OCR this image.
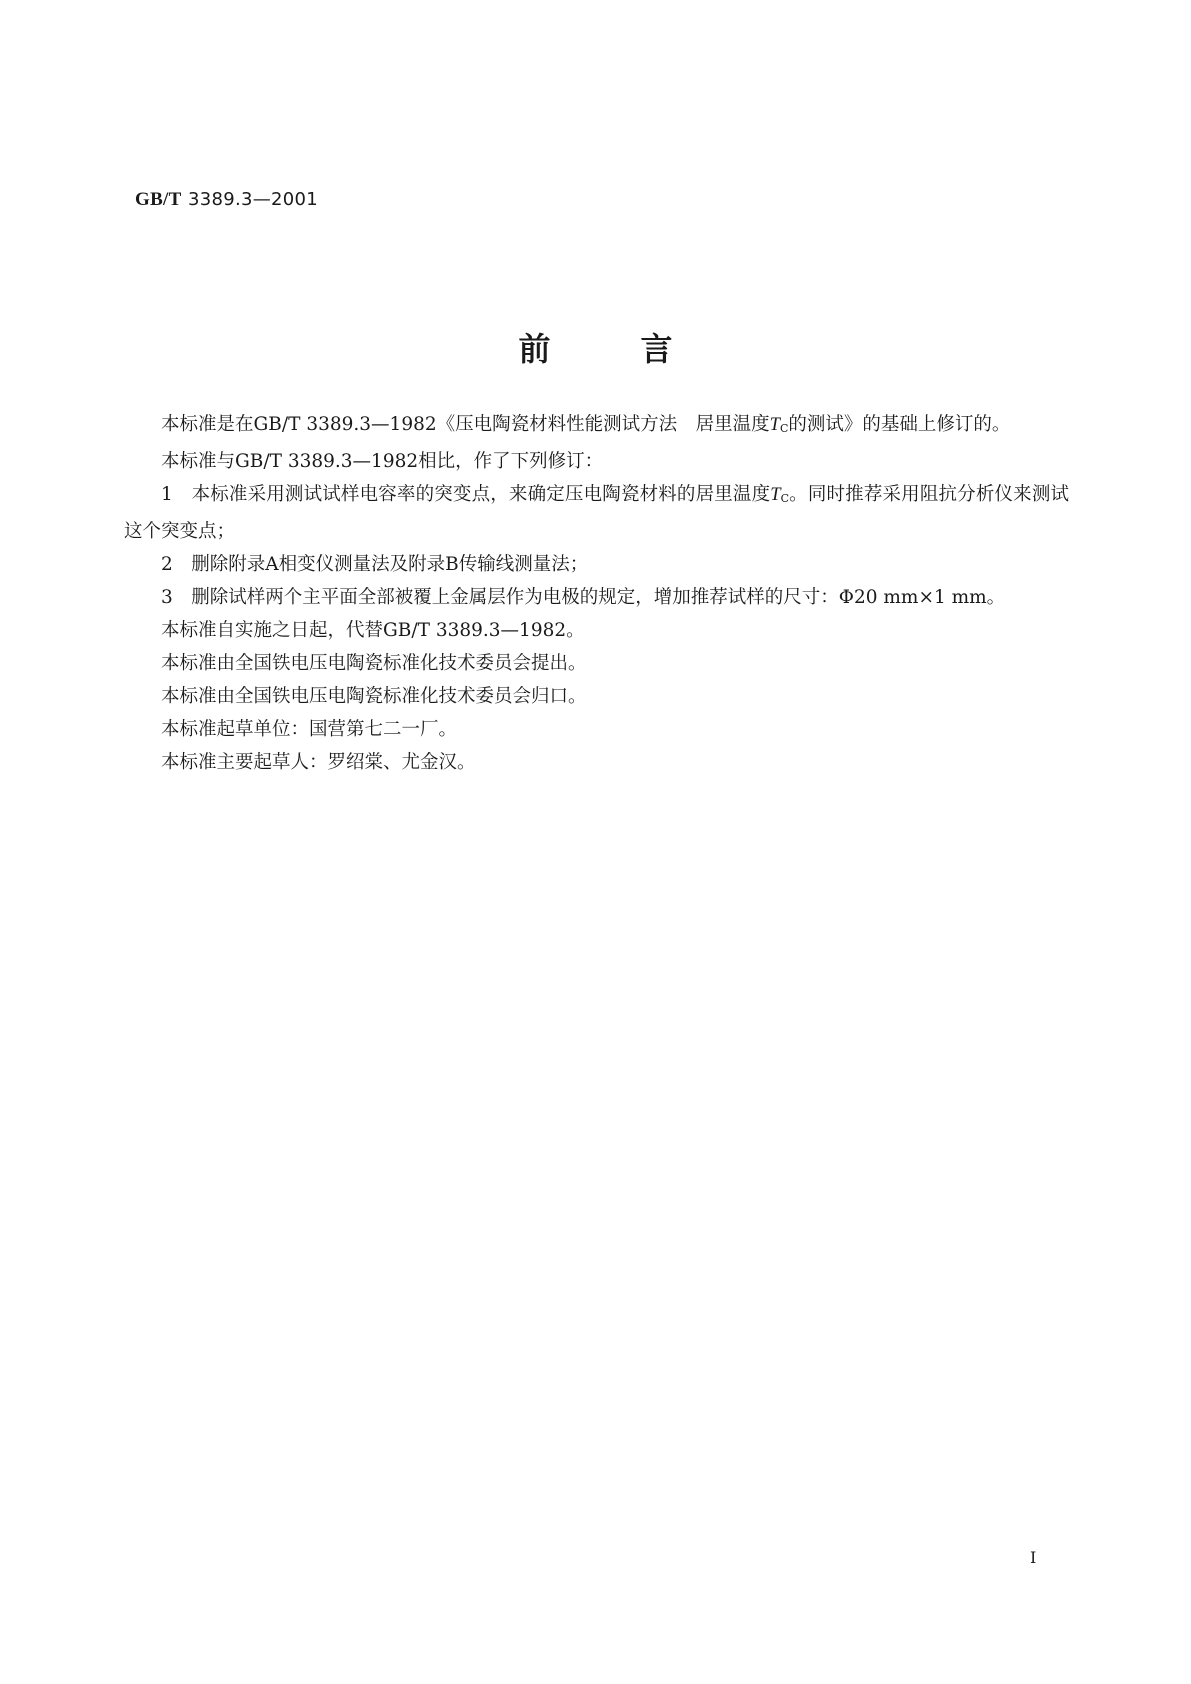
GB/T 3389.3—2001
前言

本标准是在GB/T 3389.3—1982《压电陶瓷材料性能测试方法　居里温度$T_C$的测试》的基础上修订的。

本标准与GB/T 3389.3—1982相比，作了下列修订：

1　本标准采用测试试样电容率的突变点，来确定压电陶瓷材料的居里温度$T_C$。同时推荐采用阻抗分析仪来测试这个突变点；

2　删除附录A相变仪测量法及附录B传输线测量法；

3　删除试样两个主平面全部被覆上金属层作为电极的规定，增加推荐试样的尺寸：Φ20 mm×1 mm。

本标准自实施之日起，代替GB/T 3389.3—1982。

本标准由全国铁电压电陶瓷标准化技术委员会提出。

本标准由全国铁电压电陶瓷标准化技术委员会归口。

本标准起草单位：国营第七二一厂。

本标准主要起草人：罗绍棠、尤金汉。

I
